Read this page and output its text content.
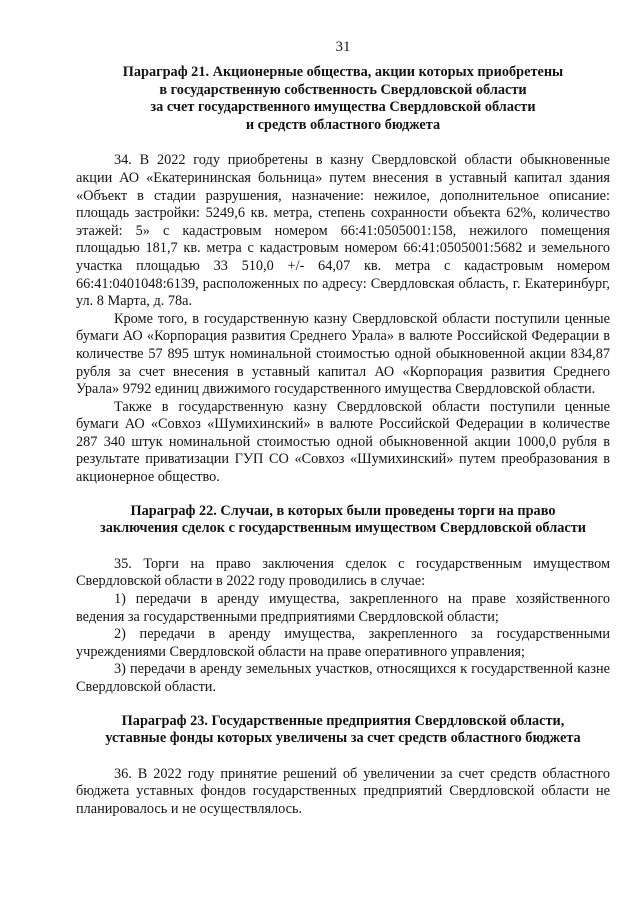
31
Параграф 21. Акционерные общества, акции которых приобретены
в государственную собственность Свердловской области
за счет государственного имущества Свердловской области
и средств областного бюджета

34. В 2022 году приобретены в казну Свердловской области обыкновенные акции АО «Екатерининская больница» путем внесения в уставный капитал здания «Объект в стадии разрушения, назначение: нежилое, дополнительное описание: площадь застройки: 5249,6 кв. метра, степень сохранности объекта 62%, количество этажей: 5» с кадастровым номером 66:41:0505001:158, нежилого помещения площадью 181,7 кв. метра с кадастровым номером 66:41:0505001:5682 и земельного участка площадью 33 510,0 +/- 64,07 кв. метра с кадастровым номером 66:41:0401048:6139, расположенных по адресу: Свердловская область, г. Екатеринбург, ул. 8 Марта, д. 78а.

Кроме того, в государственную казну Свердловской области поступили ценные бумаги АО «Корпорация развития Среднего Урала» в валюте Российской Федерации в количестве 57 895 штук номинальной стоимостью одной обыкновенной акции 834,87 рубля за счет внесения в уставный капитал АО «Корпорация развития Среднего Урала» 9792 единиц движимого государственного имущества Свердловской области.

Также в государственную казну Свердловской области поступили ценные бумаги АО «Совхоз «Шумихинский» в валюте Российской Федерации в количестве 287 340 штук номинальной стоимостью одной обыкновенной акции 1000,0 рубля в результате приватизации ГУП СО «Совхоз «Шумихинский» путем преобразования в акционерное общество.

Параграф 22. Случаи, в которых были проведены торги на право
заключения сделок с государственным имуществом Свердловской области

35. Торги на право заключения сделок с государственным имуществом Свердловской области в 2022 году проводились в случае:

1) передачи в аренду имущества, закрепленного на праве хозяйственного ведения за государственными предприятиями Свердловской области;

2) передачи в аренду имущества, закрепленного за государственными учреждениями Свердловской области на праве оперативного управления;

3) передачи в аренду земельных участков, относящихся к государственной казне Свердловской области.

Параграф 23. Государственные предприятия Свердловской области,
уставные фонды которых увеличены за счет средств областного бюджета

36. В 2022 году принятие решений об увеличении за счет средств областного бюджета уставных фондов государственных предприятий Свердловской области не планировалось и не осуществлялось.
